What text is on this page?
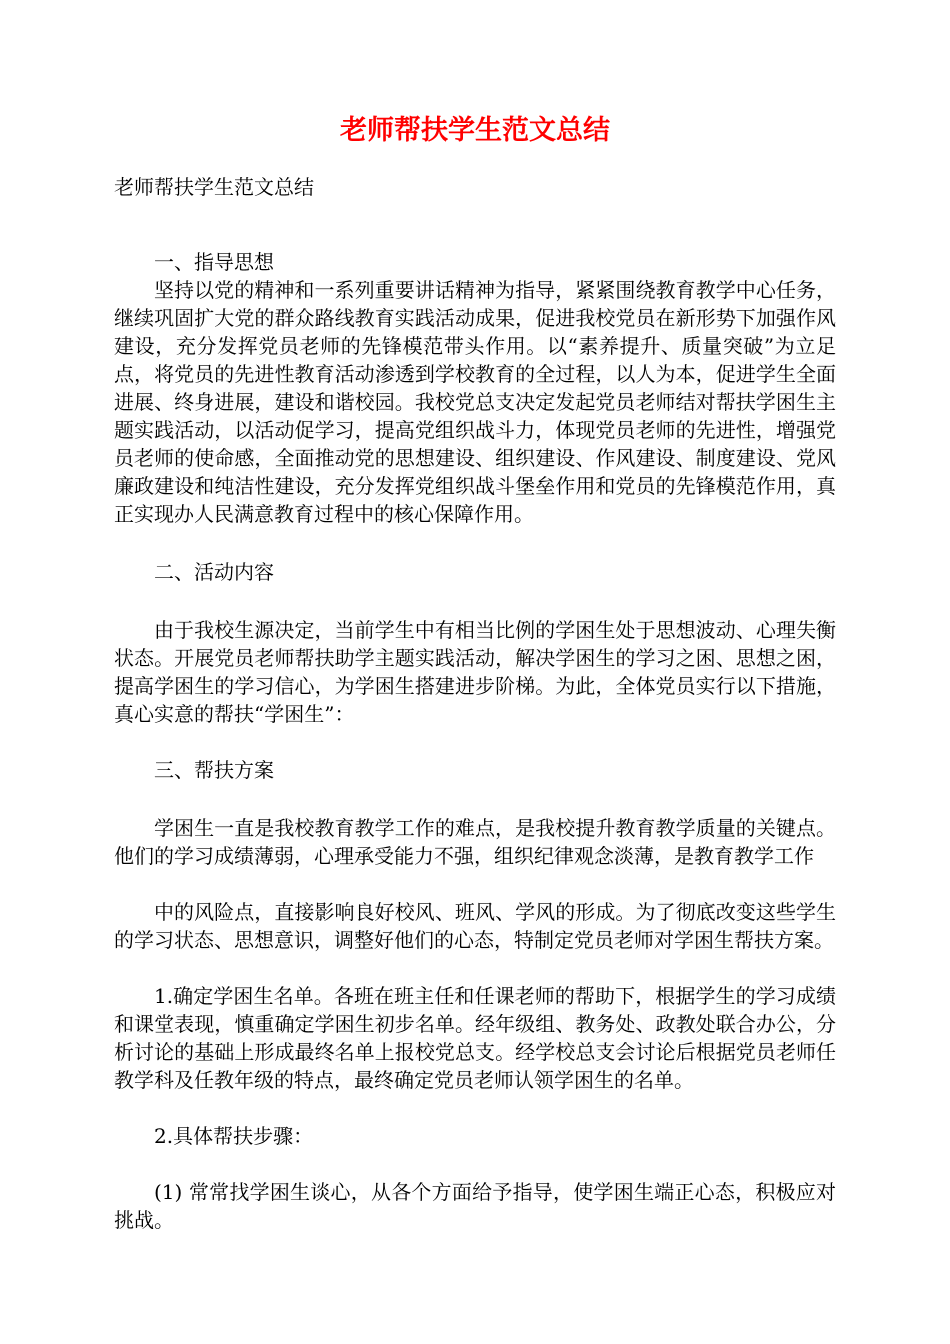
老师帮扶学生范文总结

老师帮扶学生范文总结

一、指导思想

坚持以党的精神和一系列重要讲话精神为指导，紧紧围绕教育教学中心任务，继续巩固扩大党的群众路线教育实践活动成果，促进我校党员在新形势下加强作风建设，充分发挥党员老师的先锋模范带头作用。以“素养提升、质量突破”为立足点，将党员的先进性教育活动渗透到学校教育的全过程，以人为本，促进学生全面进展、终身进展，建设和谐校园。我校党总支决定发起党员老师结对帮扶学困生主题实践活动，以活动促学习，提高党组织战斗力，体现党员老师的先进性，增强党员老师的使命感，全面推动党的思想建设、组织建设、作风建设、制度建设、党风廉政建设和纯洁性建设，充分发挥党组织战斗堡垒作用和党员的先锋模范作用，真正实现办人民满意教育过程中的核心保障作用。

二、活动内容

由于我校生源决定，当前学生中有相当比例的学困生处于思想波动、心理失衡状态。开展党员老师帮扶助学主题实践活动，解决学困生的学习之困、思想之困，提高学困生的学习信心，为学困生搭建进步阶梯。为此，全体党员实行以下措施，真心实意的帮扶“学困生”：

三、帮扶方案

学困生一直是我校教育教学工作的难点，是我校提升教育教学质量的关键点。他们的学习成绩薄弱，心理承受能力不强，组织纪律观念淡薄，是教育教学工作

中的风险点，直接影响良好校风、班风、学风的形成。为了彻底改变这些学生的学习状态、思想意识，调整好他们的心态，特制定党员老师对学困生帮扶方案。

1.确定学困生名单。各班在班主任和任课老师的帮助下，根据学生的学习成绩和课堂表现，慎重确定学困生初步名单。经年级组、教务处、政教处联合办公，分析讨论的基础上形成最终名单上报校党总支。经学校总支会讨论后根据党员老师任教学科及任教年级的特点，最终确定党员老师认领学困生的名单。

2.具体帮扶步骤：

(1) 常常找学困生谈心，从各个方面给予指导，使学困生端正心态，积极应对挑战。
